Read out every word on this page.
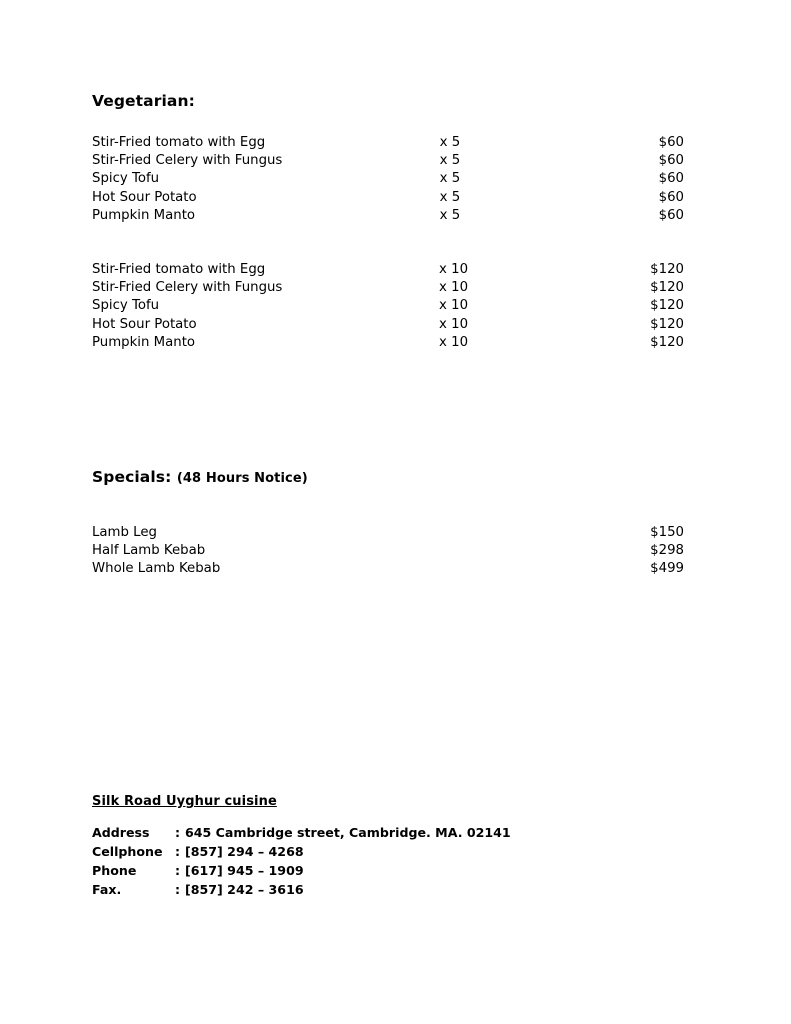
Vegetarian:
Stir-Fried tomato with Egg	x 5	$60
Stir-Fried Celery with Fungus	x 5	$60
Spicy Tofu	x 5	$60
Hot Sour Potato	x 5	$60
Pumpkin Manto	x 5	$60
Stir-Fried tomato with Egg	x 10	$120
Stir-Fried Celery with Fungus	x 10	$120
Spicy Tofu	x 10	$120
Hot Sour Potato	x 10	$120
Pumpkin Manto	x 10	$120
Specials: (48 Hours Notice)
Lamb Leg	$150
Half Lamb Kebab	$298
Whole Lamb Kebab	$499
Silk Road Uyghur cuisine
Address	:	645 Cambridge street, Cambridge. MA. 02141
Cellphone	:	[857] 294 – 4268
Phone	:	[617] 945 – 1909
Fax.	:	[857] 242 – 3616
